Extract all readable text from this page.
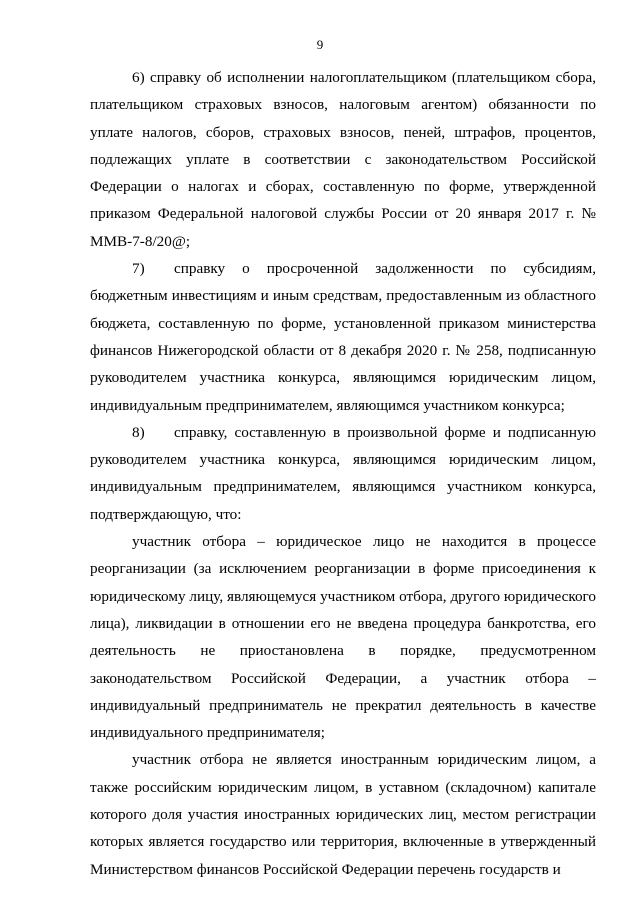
9

6) справку об исполнении налогоплательщиком (плательщиком сбора, плательщиком страховых взносов, налоговым агентом) обязанности по уплате налогов, сборов, страховых взносов, пеней, штрафов, процентов, подлежащих уплате в соответствии с законодательством Российской Федерации о налогах и сборах, составленную по форме, утвержденной приказом Федеральной налоговой службы России от 20 января 2017 г. № ММВ-7-8/20@;

7) справку о просроченной задолженности по субсидиям, бюджетным инвестициям и иным средствам, предоставленным из областного бюджета, составленную по форме, установленной приказом министерства финансов Нижегородской области от 8 декабря 2020 г. № 258, подписанную руководителем участника конкурса, являющимся юридическим лицом, индивидуальным предпринимателем, являющимся участником конкурса;

8) справку, составленную в произвольной форме и подписанную руководителем участника конкурса, являющимся юридическим лицом, индивидуальным предпринимателем, являющимся участником конкурса, подтверждающую, что:

участник отбора – юридическое лицо не находится в процессе реорганизации (за исключением реорганизации в форме присоединения к юридическому лицу, являющемуся участником отбора, другого юридического лица), ликвидации в отношении его не введена процедура банкротства, его деятельность не приостановлена в порядке, предусмотренном законодательством Российской Федерации, а участник отбора – индивидуальный предприниматель не прекратил деятельность в качестве индивидуального предпринимателя;

участник отбора не является иностранным юридическим лицом, а также российским юридическим лицом, в уставном (складочном) капитале которого доля участия иностранных юридических лиц, местом регистрации которых является государство или территория, включенные в утвержденный Министерством финансов Российской Федерации перечень государств и
